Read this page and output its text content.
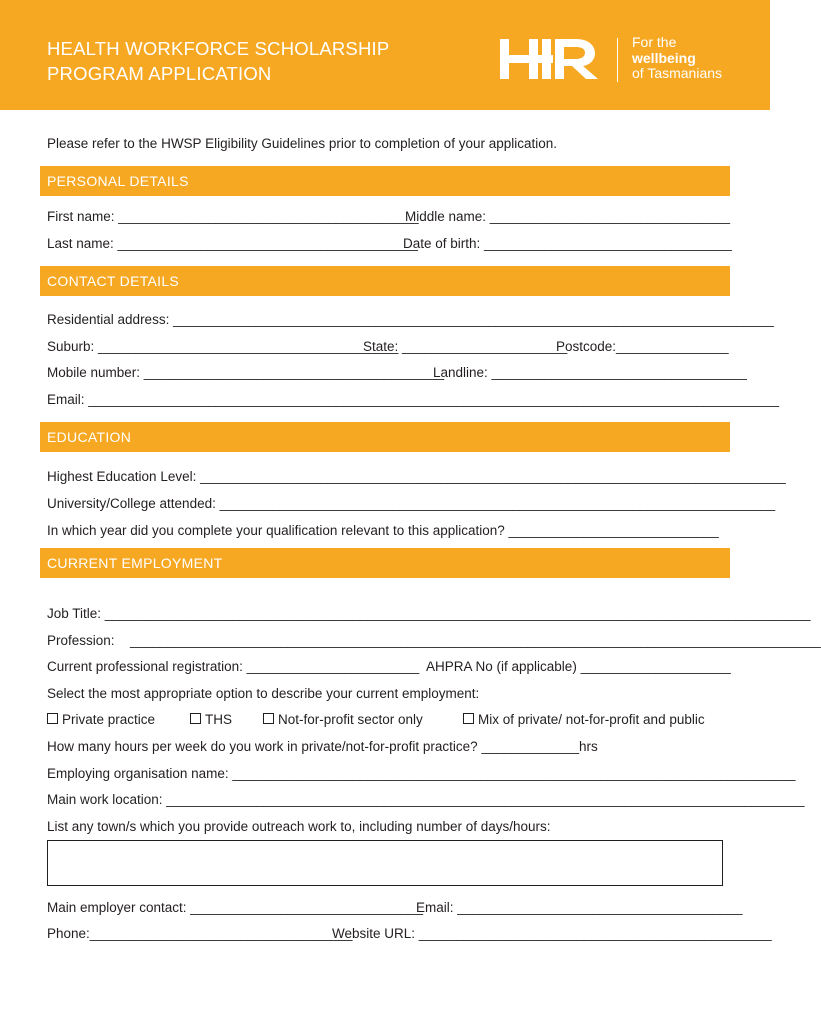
HEALTH WORKFORCE SCHOLARSHIP
PROGRAM APPLICATION
For the
wellbeing
of Tasmanians
Please refer to the HWSP Eligibility Guidelines prior to completion of your application.
PERSONAL DETAILS
First name: ________________________________________
Middle name: ________________________________
Last name: ________________________________________
Date of birth: _________________________________
CONTACT DETAILS
Residential address: ________________________________________________________________________________
Suburb: ________________________________________
State: ______________________
Postcode:_______________
Mobile number: ________________________________________
Landline: __________________________________
Email: ____________________________________________________________________________________________
EDUCATION
Highest Education Level: ______________________________________________________________________________
University/College attended: __________________________________________________________________________
In which year did you complete your qualification relevant to this application? ____________________________
CURRENT EMPLOYMENT
Job Title: ______________________________________________________________________________________________
Profession: ____________________________________________________________________________________________
Current professional registration: _______________________ AHPRA No (if applicable) ____________________
Select the most appropriate option to describe your current employment:
Private practice	THS	Not-for-profit sector only	Mix of private/ not-for-profit and public
How many hours per week do you work in private/not-for-profit practice? _____________hrs
Employing organisation name: ___________________________________________________________________________
Main work location: _____________________________________________________________________________________
List any town/s which you provide outreach work to, including number of days/hours:
Main employer contact: _______________________________
Email: ______________________________________
Phone:___________________________________
Website URL: _______________________________________________
